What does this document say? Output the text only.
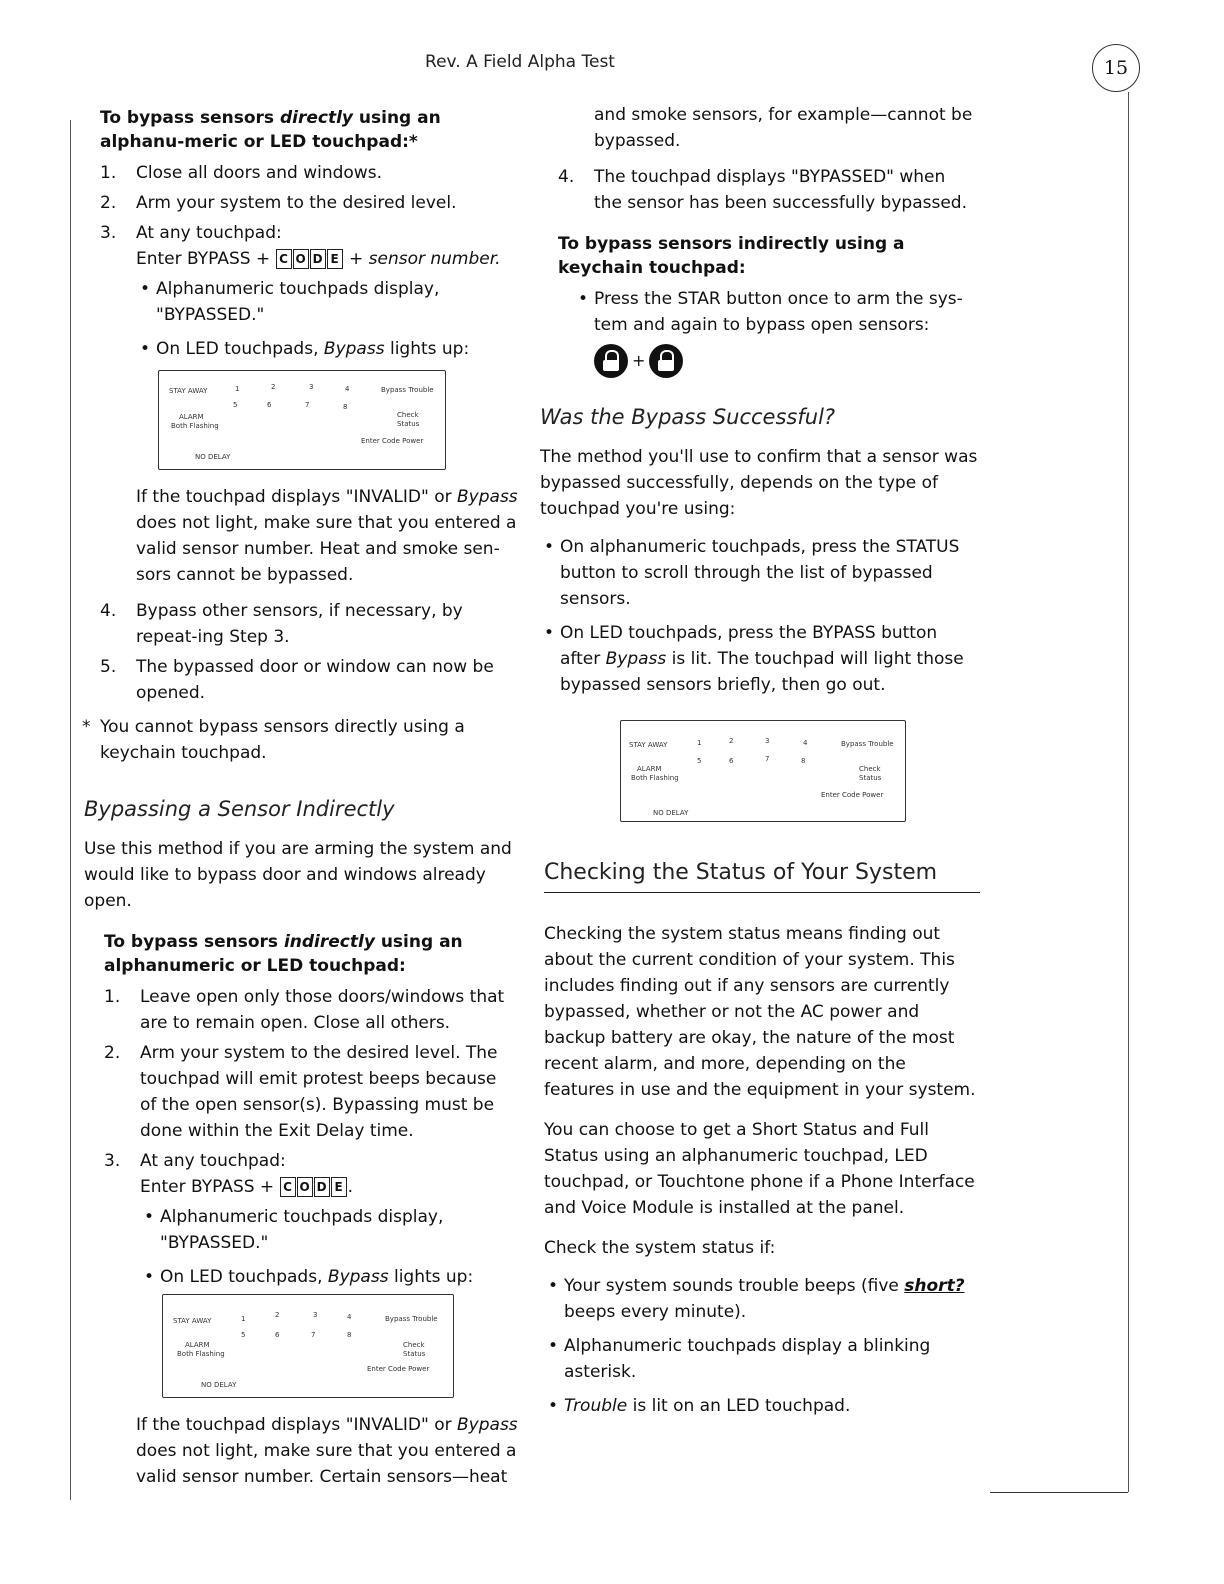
Rev. A Field Alpha Test	15
To bypass sensors directly using an alphanu-meric or LED touchpad:*
1. Close all doors and windows.
2. Arm your system to the desired level.
3. At any touchpad:
Enter BYPASS + C O D E + sensor number.
• Alphanumeric touchpads display, "BYPASSED."
• On LED touchpads, Bypass lights up:
STAY AWAY	1	2	3	4	Bypass Trouble
5	6	7	8
ALARM
Both Flashing
Check
Status
Enter Code Power
NO DELAY

If the touchpad displays "INVALID" or Bypass does not light, make sure that you entered a valid sensor number. Heat and smoke sen-sors cannot be bypassed.

4. Bypass other sensors, if necessary, by repeat-ing Step 3.
5. The bypassed door or window can now be opened.
* You cannot bypass sensors directly using a keychain touchpad.
Bypassing a Sensor Indirectly

Use this method if you are arming the system and would like to bypass door and windows already open.

To bypass sensors indirectly using an alphanumeric or LED touchpad:
1. Leave open only those doors/windows that are to remain open. Close all others.
2. Arm your system to the desired level. The touchpad will emit protest beeps because of the open sensor(s). Bypassing must be done within the Exit Delay time.
3. At any touchpad:
Enter BYPASS + C O D E .
• Alphanumeric touchpads display, "BYPASSED."
• On LED touchpads, Bypass lights up:
STAY AWAY	1	2	3	4	Bypass Trouble
5	6	7	8
ALARM
Both Flashing
Check
Status
Enter Code Power
NO DELAY

If the touchpad displays "INVALID" or Bypass does not light, make sure that you entered a valid sensor number. Certain sensors—heat

and smoke sensors, for example—cannot be bypassed.

4. The touchpad displays "BYPASSED" when the sensor has been successfully bypassed.
To bypass sensors indirectly using a keychain touchpad:
• Press the STAR button once to arm the sys-tem and again to bypass open sensors:
+
Was the Bypass Successful?

The method you'll use to confirm that a sensor was bypassed successfully, depends on the type of touchpad you're using:

• On alphanumeric touchpads, press the STATUS button to scroll through the list of bypassed sensors.
• On LED touchpads, press the BYPASS button after Bypass is lit. The touchpad will light those bypassed sensors briefly, then go out.
STAY AWAY	1	2	3	4	Bypass Trouble
5	6	7	8
ALARM
Both Flashing
Check
Status
Enter Code Power
NO DELAY
Checking the Status of Your System

Checking the system status means finding out about the current condition of your system. This includes finding out if any sensors are currently bypassed, whether or not the AC power and backup battery are okay, the nature of the most recent alarm, and more, depending on the features in use and the equipment in your system.

You can choose to get a Short Status and Full Status using an alphanumeric touchpad, LED touchpad, or Touchtone phone if a Phone Interface and Voice Module is installed at the panel.

Check the system status if:

• Your system sounds trouble beeps (five short? beeps every minute).
• Alphanumeric touchpads display a blinking asterisk.
• Trouble is lit on an LED touchpad.
